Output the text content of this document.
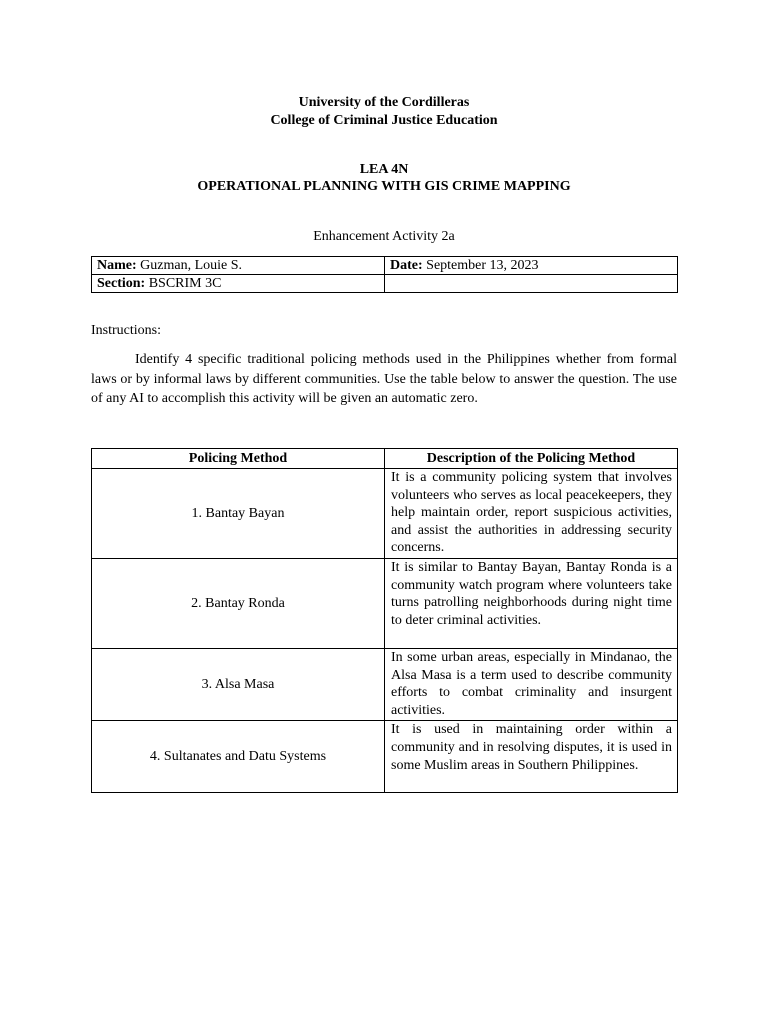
University of the Cordilleras
College of Criminal Justice Education
LEA 4N
OPERATIONAL PLANNING WITH GIS CRIME MAPPING
Enhancement Activity 2a
Name: Guzman, Louie S.	Date: September 13, 2023
Section: BSCRIM 3C	
Instructions:
Identify 4 specific traditional policing methods used in the Philippines whether from formal laws or by informal laws by different communities. Use the table below to answer the question. The use of any AI to accomplish this activity will be given an automatic zero.
Policing Method	Description of the Policing Method
1. Bantay Bayan	It is a community policing system that involves volunteers who serves as local peacekeepers, they help maintain order, report suspicious activities, and assist the authorities in addressing security concerns.
2. Bantay Ronda	It is similar to Bantay Bayan, Bantay Ronda is a community watch program where volunteers take turns patrolling neighborhoods during night time to deter criminal activities.
3. Alsa Masa	In some urban areas, especially in Mindanao, the Alsa Masa is a term used to describe community efforts to combat criminality and insurgent activities.
4. Sultanates and Datu Systems	It is used in maintaining order within a community and in resolving disputes, it is used in some Muslim areas in Southern Philippines.
